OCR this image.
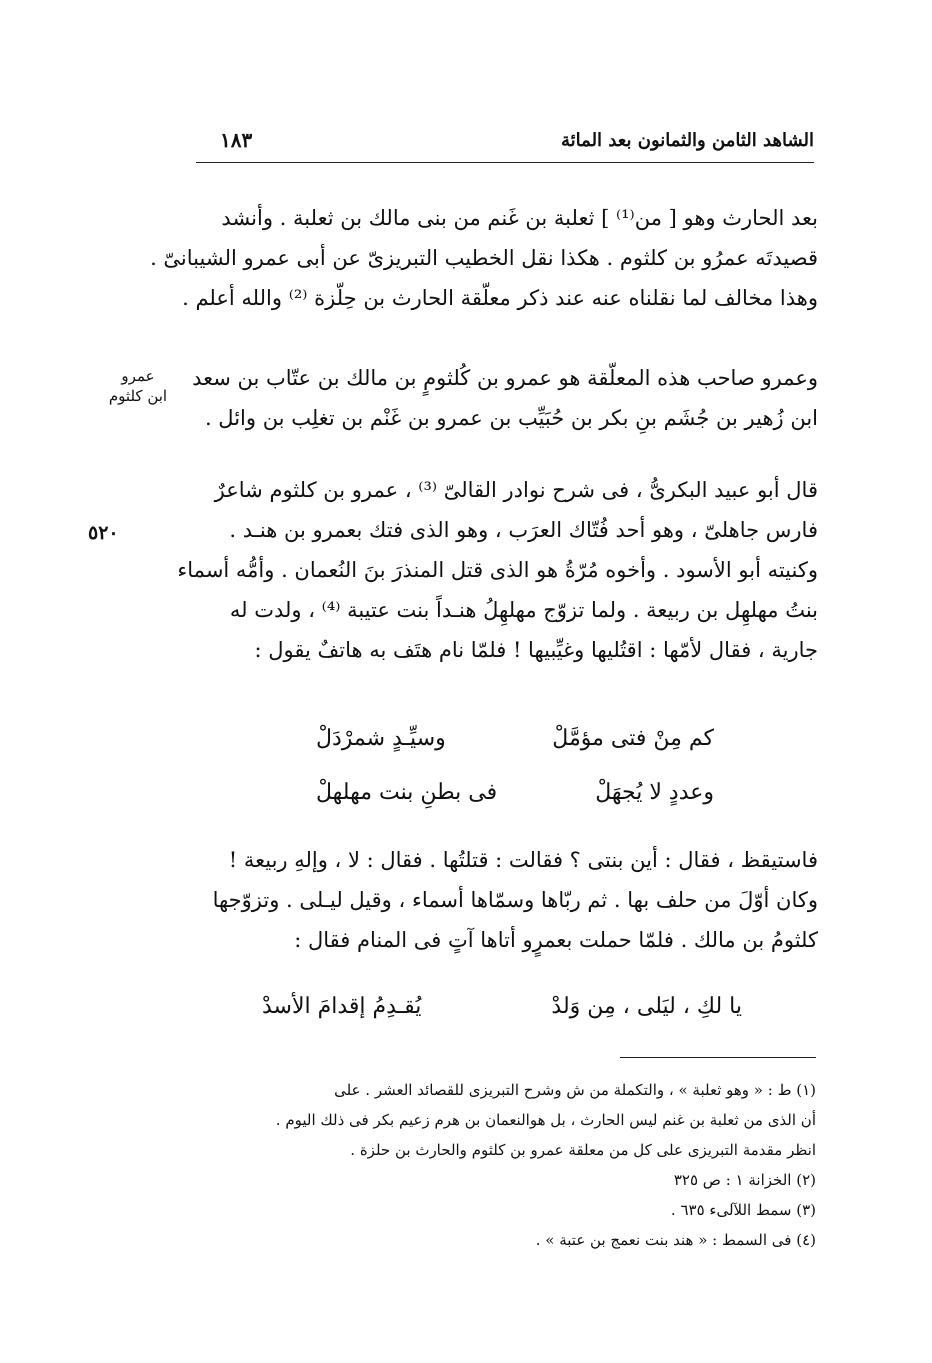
الشاهد الثامن والثمانون بعد المائة
١٨٣
عمرو
ابن كلثوم
٥٢٠
بعد الحارث وهو [ من⁽¹⁾ ] ثعلبة بن غَنم من بنى مالك بن ثعلبة . وأنشد
قصيدتَه عمرُو بن كلثوم . هكذا نقل الخطيب التبريزىّ عن أبى عمرو الشيبانىّ .
وهذا مخالف لما نقلناه عنه عند ذكر معلّقة الحارث بن حِلّزة ⁽²⁾ والله أعلم .
وعمرو صاحب هذه المعلّقة هو عمرو بن كُلثومٍ بن مالك بن عتّاب بن سعد
ابن زُهير بن جُشَم بنِ بكر بن حُبَيِّب بن عمرو بن غَنْم بن تغلِب بن وائل .
قال أبو عبيد البكرىُّ ، فى شرح نوادر القالىّ ⁽³⁾ ، عمرو بن كلثوم شاعرٌ
فارس جاهلىّ ، وهو أحد فُتّاك العرَب ، وهو الذى فتك بعمرو بن هنـد .
وكنيته أبو الأسود . وأخوه مُرّةُ هو الذى قتل المنذرَ بنَ النُعمان . وأمُّه أسماء
بنتُ مهلهِل بن ربيعة . ولما تزوّج مهلهِلُ هنـداً بنت عتيبة ⁽⁴⁾ ، ولدت له
جارية ، فقال لأمّها : اقتُليها وغيِّبيها ! فلمّا نام هتَف به هاتفٌ يقول :
كم مِنْ فتى مؤمَّلْ
وسيِّـدٍ شمرْدَلْ
وعددٍ لا يُجهَلْ
فى بطنِ بنت مهلهلْ
فاستيقظ ، فقال : أين بنتى ؟ فقالت : قتلتُها . فقال : لا ، وإلهِ ربيعة !
وكان أوّلَ من حلف بها . ثم ربّاها وسمّاها أسماء ، وقيل ليـلى . وتزوّجها
كلثومُ بن مالك . فلمّا حملت بعمرٍو أتاها آتٍ فى المنام فقال :
يا لكِ ، ليَلى ، مِن وَلدْ
يُقـدِمُ إقدامَ الأسدْ
(١) ط : « وهو ثعلبة » ، والتكملة من ش وشرح التبريزى للقصائد العشر . على
أن الذى من ثعلبة بن غنم ليس الحارث ، بل هوالنعمان بن هرم زعيم بكر فى ذلك اليوم .
انظر مقدمة التبريزى على كل من معلقة عمرو بن كلثوم والحارث بن حلزة .
(٢) الخزانة ١ : ص ٣٢٥
(٣) سمط اللآلىء ٦٣٥ .
(٤) فى السمط : « هند بنت نعمج بن عتبة » .
